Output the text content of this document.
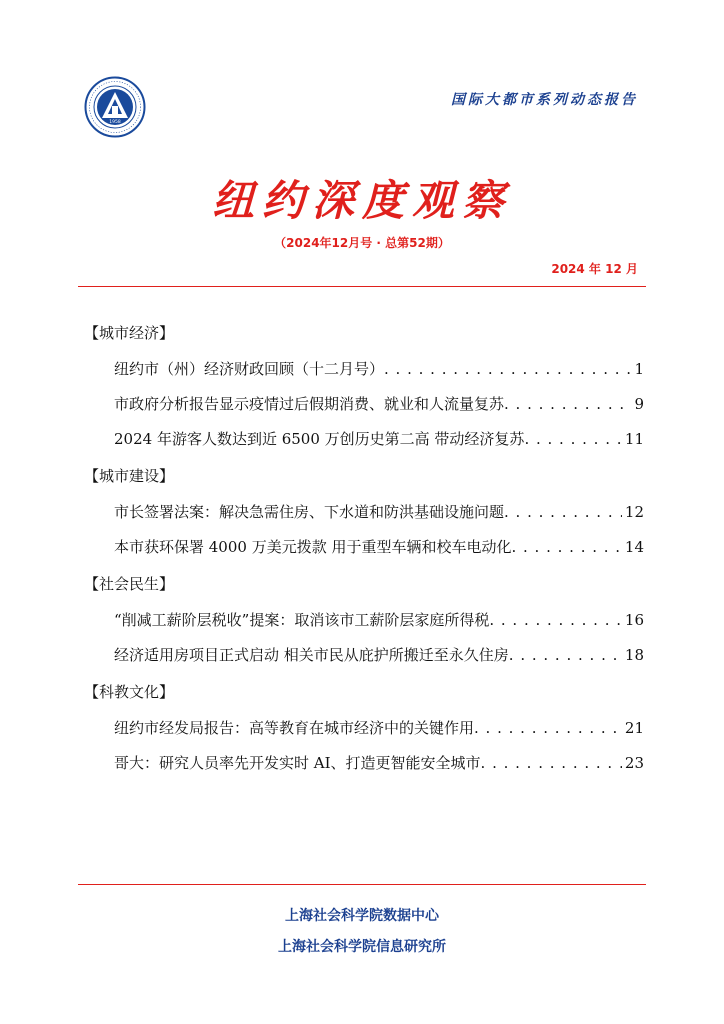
1958
国际大都市系列动态报告
纽约深度观察
（2024年12月号 · 总第52期）
2024 年 12 月
【城市经济】
纽约市（州）经济财政回顾（十二月号） . . .	1
市政府分析报告显示疫情过后假期消费、就业和人流量复苏 . . .	9
2024 年游客人数达到近 6500 万创历史第二高 带动经济复苏 . . .	11
【城市建设】
市长签署法案：解决急需住房、下水道和防洪基础设施问题 . . .	12
本市获环保署 4000 万美元拨款 用于重型车辆和校车电动化 . . .	14
【社会民生】
“削减工薪阶层税收”提案：取消该市工薪阶层家庭所得税 . . .	16
经济适用房项目正式启动 相关市民从庇护所搬迁至永久住房 . . .	18
【科教文化】
纽约市经发局报告：高等教育在城市经济中的关键作用 . . .	21
哥大：研究人员率先开发实时 AI、打造更智能安全城市 . . .	23
上海社会科学院数据中心
上海社会科学院信息研究所
